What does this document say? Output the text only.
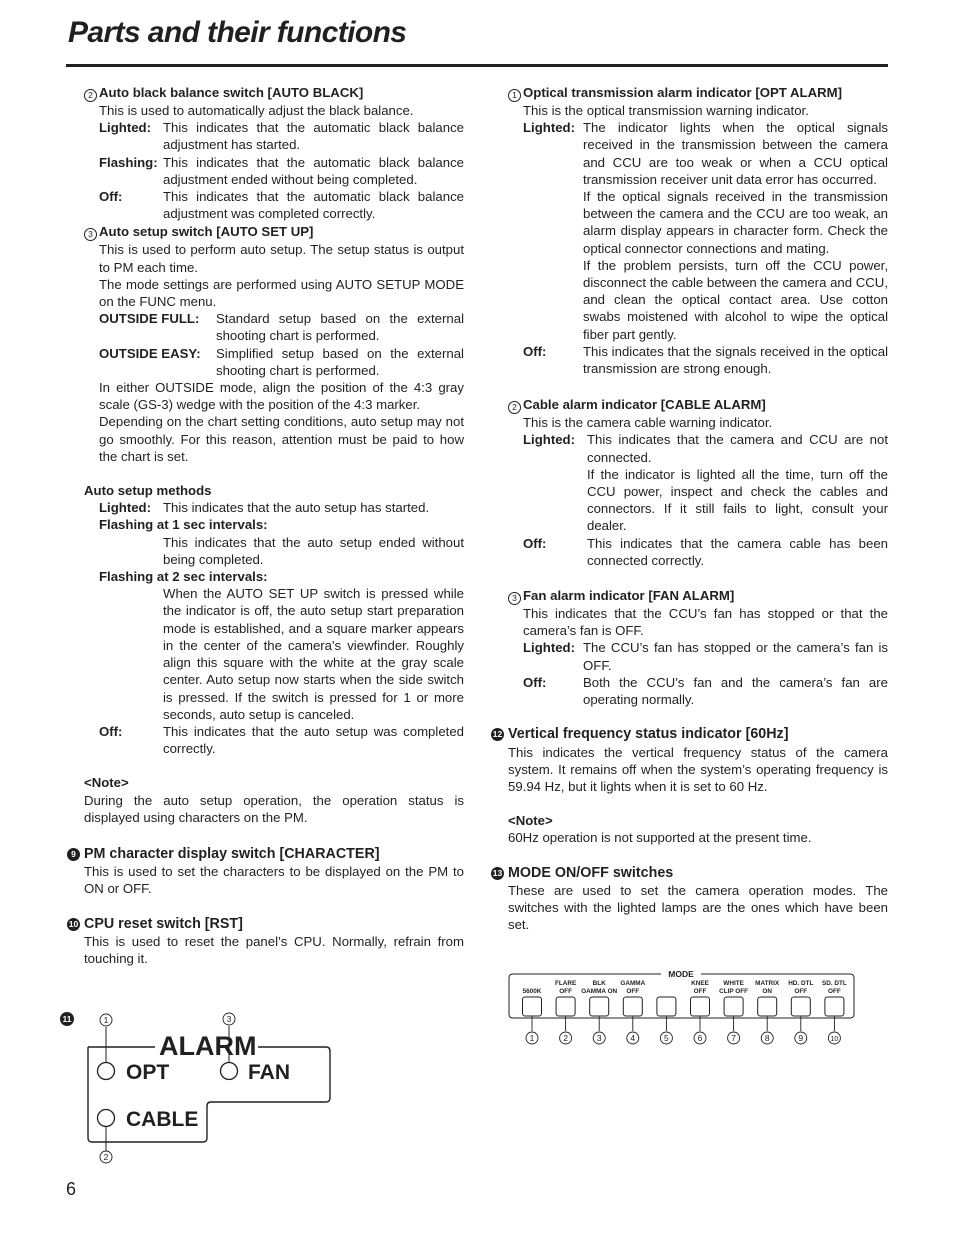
Parts and their functions
2 Auto black balance switch [AUTO BLACK]
This is used to automatically adjust the black balance.
Lighted: This indicates that the automatic black balance adjustment has started.
Flashing: This indicates that the automatic black balance adjustment ended without being completed.
Off:	This indicates that the automatic black balance adjustment was completed correctly.
3 Auto setup switch [AUTO SET UP]
This is used to perform auto setup. The setup status is output to PM each time.
The mode settings are performed using AUTO SETUP MODE on the FUNC menu.
OUTSIDE FULL:	Standard setup based on the external shooting chart is performed.
OUTSIDE EASY:	Simplified setup based on the external shooting chart is performed.
In either OUTSIDE mode, align the position of the 4:3 gray scale (GS-3) wedge with the position of the 4:3 marker.
Depending on the chart setting conditions, auto setup may not go smoothly. For this reason, attention must be paid to how the chart is set.
Auto setup methods
Lighted: This indicates that the auto setup has started.
Flashing at 1 sec intervals:
This indicates that the auto setup ended without being completed.
Flashing at 2 sec intervals:
When the AUTO SET UP switch is pressed while the indicator is off, the auto setup start preparation mode is established, and a square marker appears in the center of the camera's viewfinder. Roughly align this square with the white at the gray scale center. Auto setup now starts when the side switch is pressed. If the switch is pressed for 1 or more seconds, auto setup is canceled.
Off:	This indicates that the auto setup was completed correctly.
<Note>
During the auto setup operation, the operation status is displayed using characters on the PM.
9 PM character display switch [CHARACTER]
This is used to set the characters to be displayed on the PM to ON or OFF.
10 CPU reset switch [RST]
This is used to reset the panel’s CPU. Normally, refrain from touching it.
11
ALARM
OPT	FAN
CABLE
1	3
2
1 Optical transmission alarm indicator [OPT ALARM]
This is the optical transmission warning indicator.
Lighted: The indicator lights when the optical signals received in the transmission between the camera and CCU are too weak or when a CCU optical transmission receiver unit data error has occurred.
If the optical signals received in the transmission between the camera and the CCU are too weak, an alarm display appears in character form. Check the optical connector connections and mating.
If the problem persists, turn off the CCU power, disconnect the cable between the camera and CCU, and clean the optical contact area. Use cotton swabs moistened with alcohol to wipe the optical fiber part gently.
Off:	This indicates that the signals received in the optical transmission are strong enough.
2 Cable alarm indicator [CABLE ALARM]
This is the camera cable warning indicator.
Lighted: This indicates that the camera and CCU are not connected.
If the indicator is lighted all the time, turn off the CCU power, inspect and check the cables and connectors. If it still fails to light, consult your dealer.
Off:	This indicates that the camera cable has been connected correctly.
3 Fan alarm indicator [FAN ALARM]
This indicates that the CCU’s fan has stopped or that the camera’s fan is OFF.
Lighted: The CCU’s fan has stopped or the camera’s fan is OFF.
Off:	Both the CCU’s fan and the camera’s fan are operating normally.
12 Vertical frequency status indicator [60Hz]
This indicates the vertical frequency status of the camera system. It remains off when the system’s operating frequency is 59.94 Hz, but it lights when it is set to 60 Hz.
<Note>
60Hz operation is not supported at the present time.
13 MODE ON/OFF switches
These are used to set the camera operation modes. The switches with the lighted lamps are the ones which have been set.
MODE
5600K
1
FLARE
OFF
2
BLK
GAMMA ON
3
GAMMA
OFF
4	5
KNEE
OFF
6
WHITE
CLIP OFF
7
MATRIX
ON
8
HD. DTL
OFF
9
SD. DTL
OFF
10
6
